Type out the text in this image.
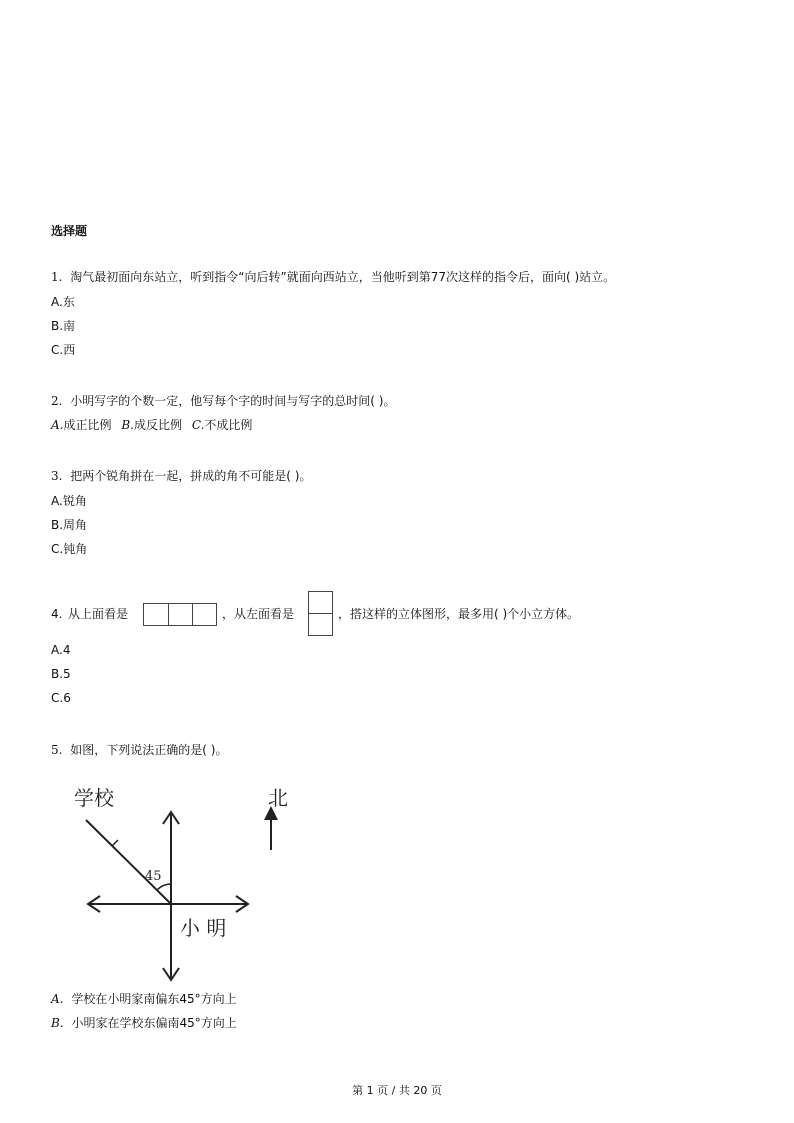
选择题
1. 淘气最初面向东站立，听到指令“向后转”就面向西站立，当他听到第77次这样的指令后，面向( )站立。
A.东
B.南
C.西
2. 小明写字的个数一定，他写每个字的时间与写字的总时间( )。
A.成正比例 B.成反比例 C.不成比例
3. 把两个锐角拼在一起，拼成的角不可能是( )。
A.锐角
B.周角
C.钝角
4. 从上面看是	，从左面看是	，搭这样的立体图形，最多用( )个小立方体。
A.4
B.5
C.6
5. 如图，下列说法正确的是( )。
学校	北
45
小 明
A. 学校在小明家南偏东45°方向上
B. 小明家在学校东偏南45°方向上
第 1 页 / 共 20 页
